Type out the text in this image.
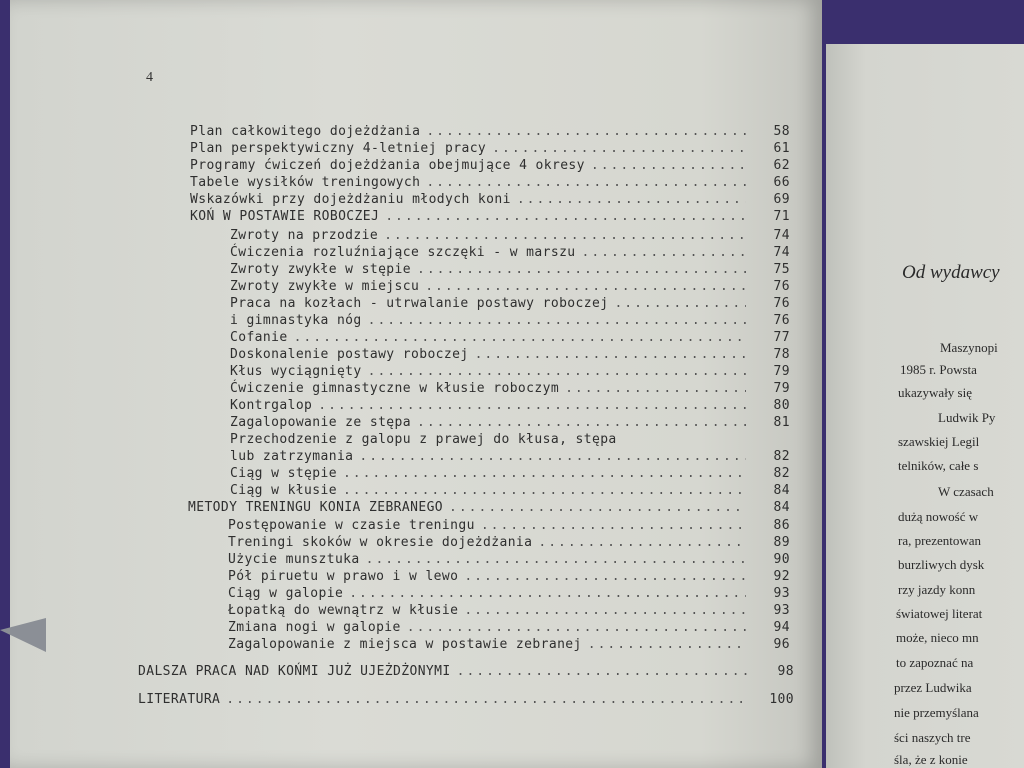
4
Plan całkowitego dojeżdżania .....	58
Plan perspektywiczny 4-letniej pracy .....	61
Programy ćwiczeń dojeżdżania obejmujące 4 okresy .....	62
Tabele wysiłków treningowych .....	66
Wskazówki przy dojeżdżaniu młodych koni .....	69
KOŃ W POSTAWIE ROBOCZEJ .....	71
Zwroty na przodzie .....	74
Ćwiczenia rozluźniające szczęki - w marszu .....	74
Zwroty zwykłe w stępie .....	75
Zwroty zwykłe w miejscu .....	76
Praca na kozłach - utrwalanie postawy roboczej .....	76
i gimnastyka nóg .....	76
Cofanie .....	77
Doskonalenie postawy roboczej .....	78
Kłus wyciągnięty .....	79
Ćwiczenie gimnastyczne w kłusie roboczym .....	79
Kontrgalop .....	80
Zagalopowanie ze stępa .....	81
Przechodzenie z galopu z prawej do kłusa, stępa
lub zatrzymania .....	82
Ciąg w stępie .....	82
Ciąg w kłusie .....	84
METODY TRENINGU KONIA ZEBRANEGO .....	84
Postępowanie w czasie treningu .....	86
Treningi skoków w okresie dojeżdżania .....	89
Użycie munsztuka .....	90
Pół piruetu w prawo i w lewo .....	92
Ciąg w galopie .....	93
Łopatką do wewnątrz w kłusie .....	93
Zmiana nogi w galopie .....	94
Zagalopowanie z miejsca w postawie zebranej .....	96
DALSZA PRACA NAD KOŃMI JUŻ UJEŻDŻONYMI .....	98
LITERATURA .....	100
Od wydawcy
Maszynopi
1985 r. Powsta
ukazywały się
Ludwik Py
szawskiej Legil
telników, całe s
W czasach
dużą nowość w
ra, prezentowan
burzliwych dysk
rzy jazdy konn
światowej literat
może, nieco mn
to zapoznać na
przez Ludwika
nie przemyślana
ści naszych tre
śla, że z konie
